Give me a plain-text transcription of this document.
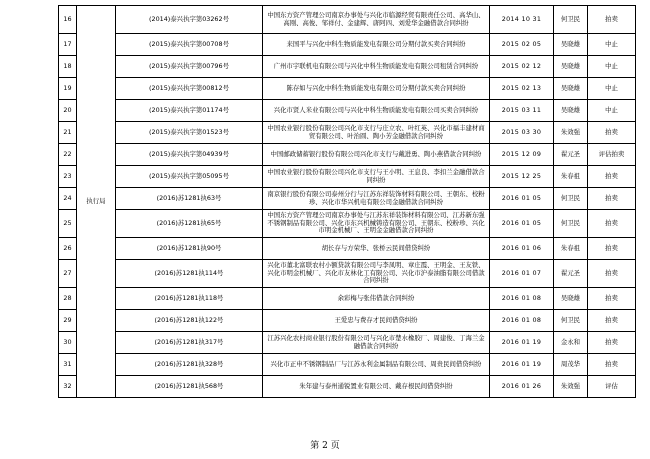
16	执行局	(2014)泰兴执字第03262号	中国东方资产管理公司南京办事处与兴化市临源经贸有限责任公司、高华山、高刚、高俊、邹祥付、金建辉、唐阿四、刘爱华金融借款合同纠纷	2014 10 31	何卫民	拍卖
17		(2015)泰兴执字第00708号	来国平与兴化中科生物质能发电有限公司分期付款买卖合同纠纷	2015 02 05	吴晓雄	中止
18		(2015)泰兴执字第00796号	广州市宇联机电有限公司与兴化中科生物质能发电有限公司租赁合同纠纷	2015 02 12	吴晓雄	中止
19		(2015)泰兴执字第00812号	陈存如与兴化中科生物质能发电有限公司分期付款买卖合同纠纷	2015 02 13	吴晓雄	中止
20		(2015)泰兴执字第01174号	兴化市贤人米业有限公司与兴化中科生物质能发电有限公司买卖合同纠纷	2015 03 11	吴晓雄	中止
21		(2015)泰兴执字第01523号	中国农业银行股份有限公司兴化市支行与庄立农、叶红英、兴化市福丰建材商贸有限公司、叶治圆、陶小芳金融借款合同纠纷	2015 03 30	朱效强	拍卖
22		(2015)泰兴执字第04939号	中国邮政储蓄银行股份有限公司兴化市支行与戴进勇、陶小燕借款合同纠纷	2015 12 09	翟元圣	评估拍卖
23		(2015)泰兴执字第05095号	中国农业银行股份有限公司兴化市支行与王小明、王息良、李扣兰金融借款合同纠纷	2015 12 25	朱春祖	拍卖
24		(2016)苏1281执63号	南京银行股份有限公司泰州分行与江苏东祥装饰材料有限公司、王朝东、校粉珍、兴化市华兴机电有限公司金融借款合同纠纷	2016 01 05	何卫民	拍卖
25		(2016)苏1281执65号	中国东方资产管理公司南京办事处与江苏东祥装饰材料有限公司、江苏新东强不锈钢制品有限公司、兴化市东兴机械铸造有限公司、王朝东、校粉珍、兴化市明金机械厂、王明金金融借款合同纠纷	2016 01 05	何卫民	拍卖
26		(2016)苏1281执90号	胡长存与方荣华、张桥云民间借贷纠纷	2016 01 06	朱春祖	拍卖
27		(2016)苏1281执114号	兴化市董北富联农村小额贷款有限公司与李凤明、章庄霞、王明金、王友铁、兴化市明金机械厂、兴化市友林化工有限公司、兴化市沪泰油脂有限公司借款合同纠纷	2016 01 07	翟元圣	拍卖
28		(2016)苏1281执118号	余彩梅与张伟借款合同纠纷	2016 01 08	吴晓雄	拍卖
29		(2016)苏1281执122号	王爱忠与费存才民间借贷纠纷	2016 01 08	何卫民	拍卖
30		(2016)苏1281执317号	江苏兴化农村商业银行股份有限公司与兴化市楚水橡胶厂、周建俊、丁海兰金融借款合同纠纷	2016 01 19	金永和	拍卖
31		(2016)苏1281执328号	兴化市正申不锈钢制品厂与江苏永利金属制品有限公司、周贵民间借贷纠纷	2016 01 19	周茂华	拍卖
32		(2016)苏1281执568号	朱年建与泰州通锐置业有限公司、戴存根民间借贷纠纷	2016 01 26	朱效强	评估
第 2 页
